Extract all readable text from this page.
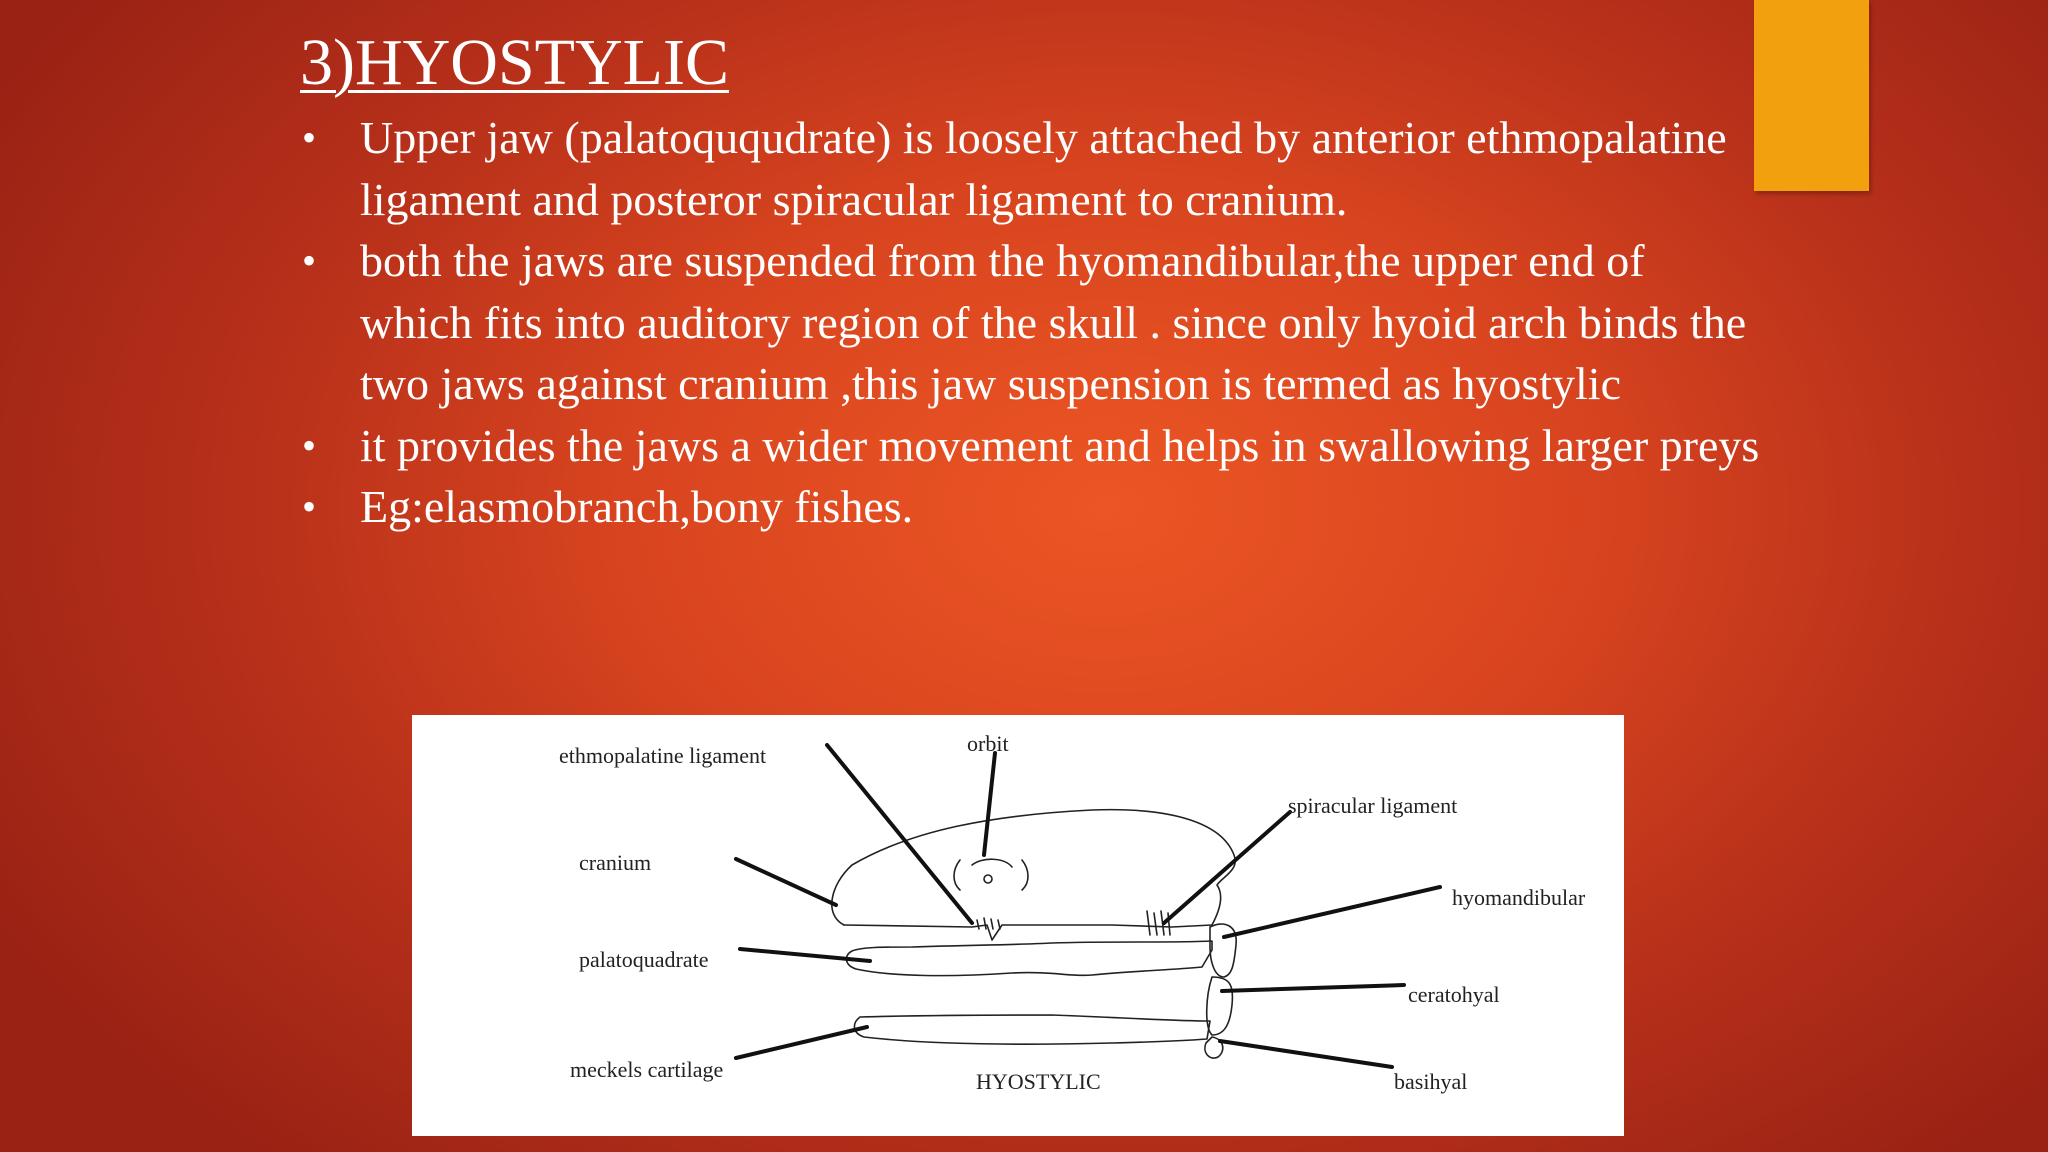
3)HYOSTYLIC
• Upper jaw (palatoququdrate) is loosely attached by anterior ethmopalatine ligament and posteror spiracular ligament to cranium.
• both the jaws are suspended from the hyomandibular,the upper end of which fits into auditory region of the skull . since only hyoid arch binds the two jaws against cranium ,this jaw suspension is termed as hyostylic
• it provides the jaws a wider movement and helps in swallowing larger preys
• Eg:elasmobranch,bony fishes.
ethmopalatine ligament	orbit
spiracular ligament
cranium
hyomandibular
palatoquadrate
ceratohyal
meckels cartilage	HYOSTYLIC	basihyal
